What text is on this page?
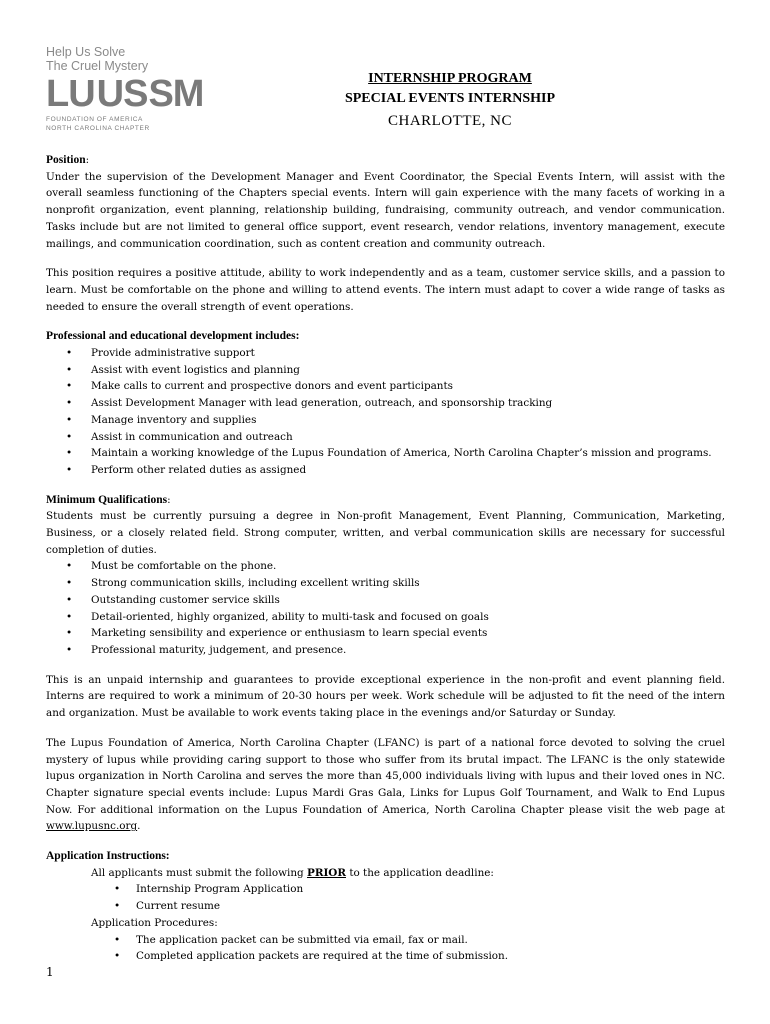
Help Us Solve
The Cruel Mystery
LU US SM
FOUNDATION OF AMERICA
NORTH CAROLINA CHAPTER
INTERNSHIP PROGRAM
SPECIAL EVENTS INTERNSHIP
CHARLOTTE, NC

Position:

Under the supervision of the Development Manager and Event Coordinator, the Special Events Intern, will assist with the overall seamless functioning of the Chapters special events. Intern will gain experience with the many facets of working in a nonprofit organization, event planning, relationship building, fundraising, community outreach, and vendor communication. Tasks include but are not limited to general office support, event research, vendor relations, inventory management, execute mailings, and communication coordination, such as content creation and community outreach.

This position requires a positive attitude, ability to work independently and as a team, customer service skills, and a passion to learn. Must be comfortable on the phone and willing to attend events. The intern must adapt to cover a wide range of tasks as needed to ensure the overall strength of event operations.

Professional and educational development includes:

• Provide administrative support
• Assist with event logistics and planning
• Make calls to current and prospective donors and event participants
• Assist Development Manager with lead generation, outreach, and sponsorship tracking
• Manage inventory and supplies
• Assist in communication and outreach
• Maintain a working knowledge of the Lupus Foundation of America, North Carolina Chapter’s mission and programs.
• Perform other related duties as assigned

Minimum Qualifications:

Students must be currently pursuing a degree in Non-profit Management, Event Planning, Communication, Marketing, Business, or a closely related field. Strong computer, written, and verbal communication skills are necessary for successful completion of duties.

• Must be comfortable on the phone.
• Strong communication skills, including excellent writing skills
• Outstanding customer service skills
• Detail-oriented, highly organized, ability to multi-task and focused on goals
• Marketing sensibility and experience or enthusiasm to learn special events
• Professional maturity, judgement, and presence.

This is an unpaid internship and guarantees to provide exceptional experience in the non-profit and event planning field. Interns are required to work a minimum of 20-30 hours per week. Work schedule will be adjusted to fit the need of the intern and organization. Must be available to work events taking place in the evenings and/or Saturday or Sunday.

The Lupus Foundation of America, North Carolina Chapter (LFANC) is part of a national force devoted to solving the cruel mystery of lupus while providing caring support to those who suffer from its brutal impact. The LFANC is the only statewide lupus organization in North Carolina and serves the more than 45,000 individuals living with lupus and their loved ones in NC. Chapter signature special events include: Lupus Mardi Gras Gala, Links for Lupus Golf Tournament, and Walk to End Lupus Now. For additional information on the Lupus Foundation of America, North Carolina Chapter please visit the web page at www.lupusnc.org.

Application Instructions:

All applicants must submit the following PRIOR to the application deadline:

• Internship Program Application
• Current resume

Application Procedures:

• The application packet can be submitted via email, fax or mail.
• Completed application packets are required at the time of submission.
1
